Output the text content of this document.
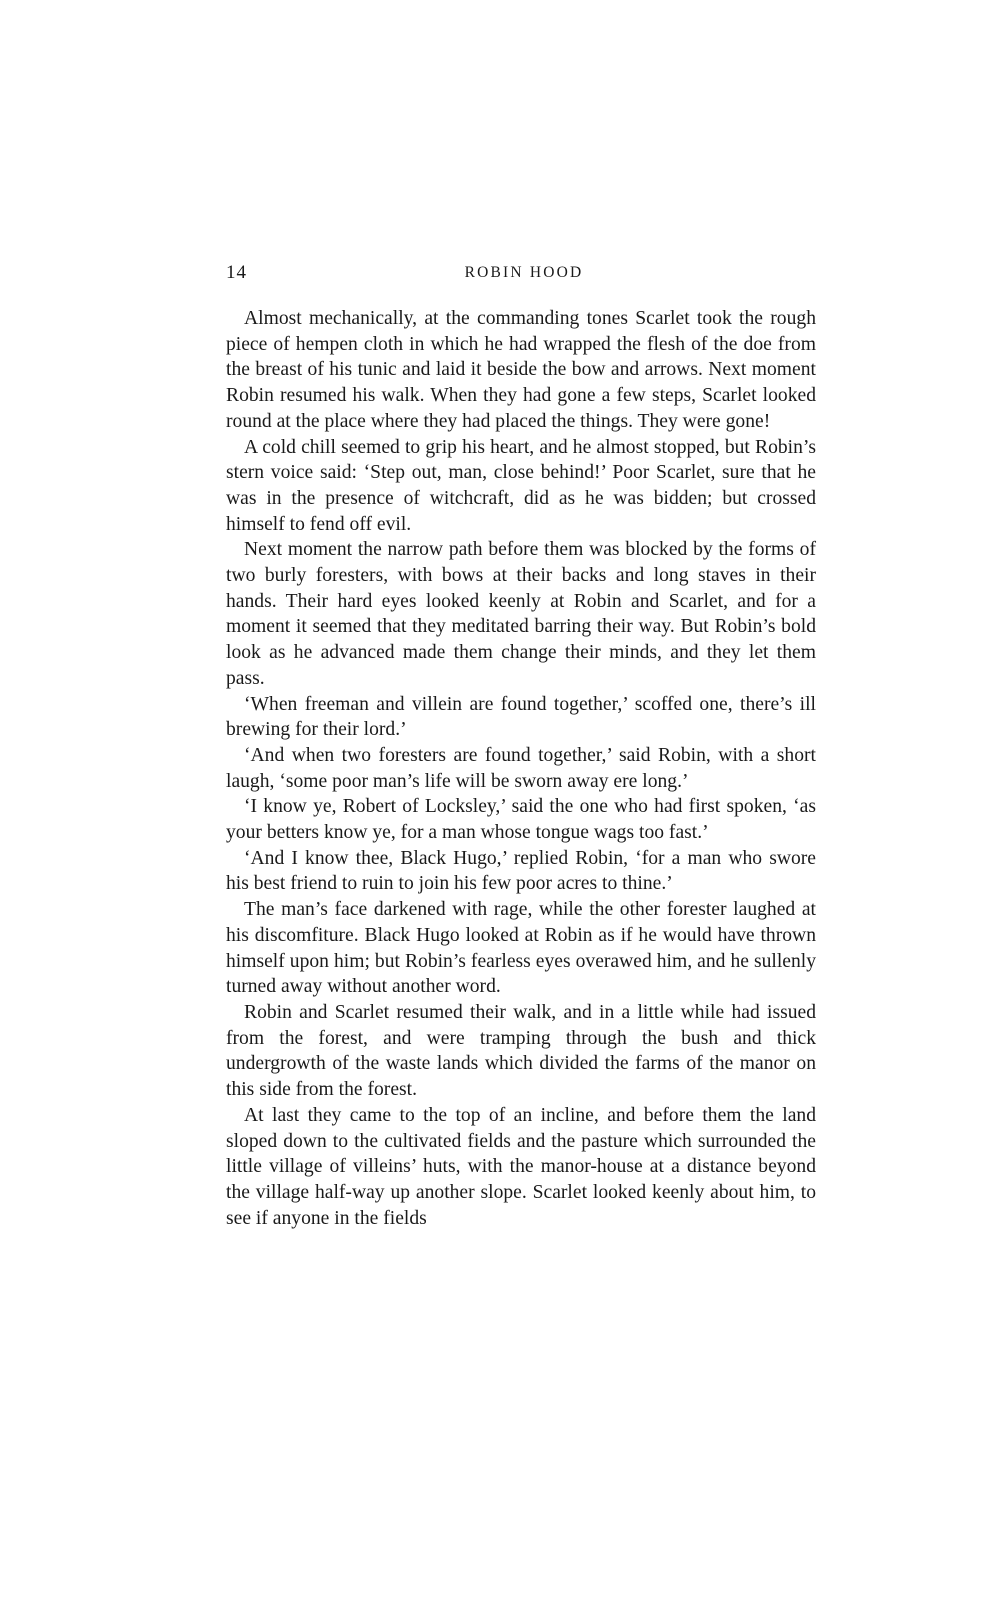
14	ROBIN HOOD

Almost mechanically, at the commanding tones Scarlet took the rough piece of hempen cloth in which he had wrapped the flesh of the doe from the breast of his tunic and laid it beside the bow and arrows. Next moment Robin resumed his walk. When they had gone a few steps, Scarlet looked round at the place where they had placed the things. They were gone!

A cold chill seemed to grip his heart, and he almost stopped, but Robin’s stern voice said: ‘Step out, man, close behind!’ Poor Scarlet, sure that he was in the presence of witchcraft, did as he was bidden; but crossed himself to fend off evil.

Next moment the narrow path before them was blocked by the forms of two burly foresters, with bows at their backs and long staves in their hands. Their hard eyes looked keenly at Robin and Scarlet, and for a moment it seemed that they meditated barring their way. But Robin’s bold look as he advanced made them change their minds, and they let them pass.

‘When freeman and villein are found together,’ scoffed one, there’s ill brewing for their lord.’

‘And when two foresters are found together,’ said Robin, with a short laugh, ‘some poor man’s life will be sworn away ere long.’

‘I know ye, Robert of Locksley,’ said the one who had first spoken, ‘as your betters know ye, for a man whose tongue wags too fast.’

‘And I know thee, Black Hugo,’ replied Robin, ‘for a man who swore his best friend to ruin to join his few poor acres to thine.’

The man’s face darkened with rage, while the other forester laughed at his discomfiture. Black Hugo looked at Robin as if he would have thrown himself upon him; but Robin’s fearless eyes overawed him, and he sullenly turned away without another word.

Robin and Scarlet resumed their walk, and in a little while had issued from the forest, and were tramping through the bush and thick undergrowth of the waste lands which divided the farms of the manor on this side from the forest.

At last they came to the top of an incline, and before them the land sloped down to the cultivated fields and the pasture which surrounded the little village of villeins’ huts, with the manor-house at a distance beyond the village half-way up another slope. Scarlet looked keenly about him, to see if anyone in the fields
